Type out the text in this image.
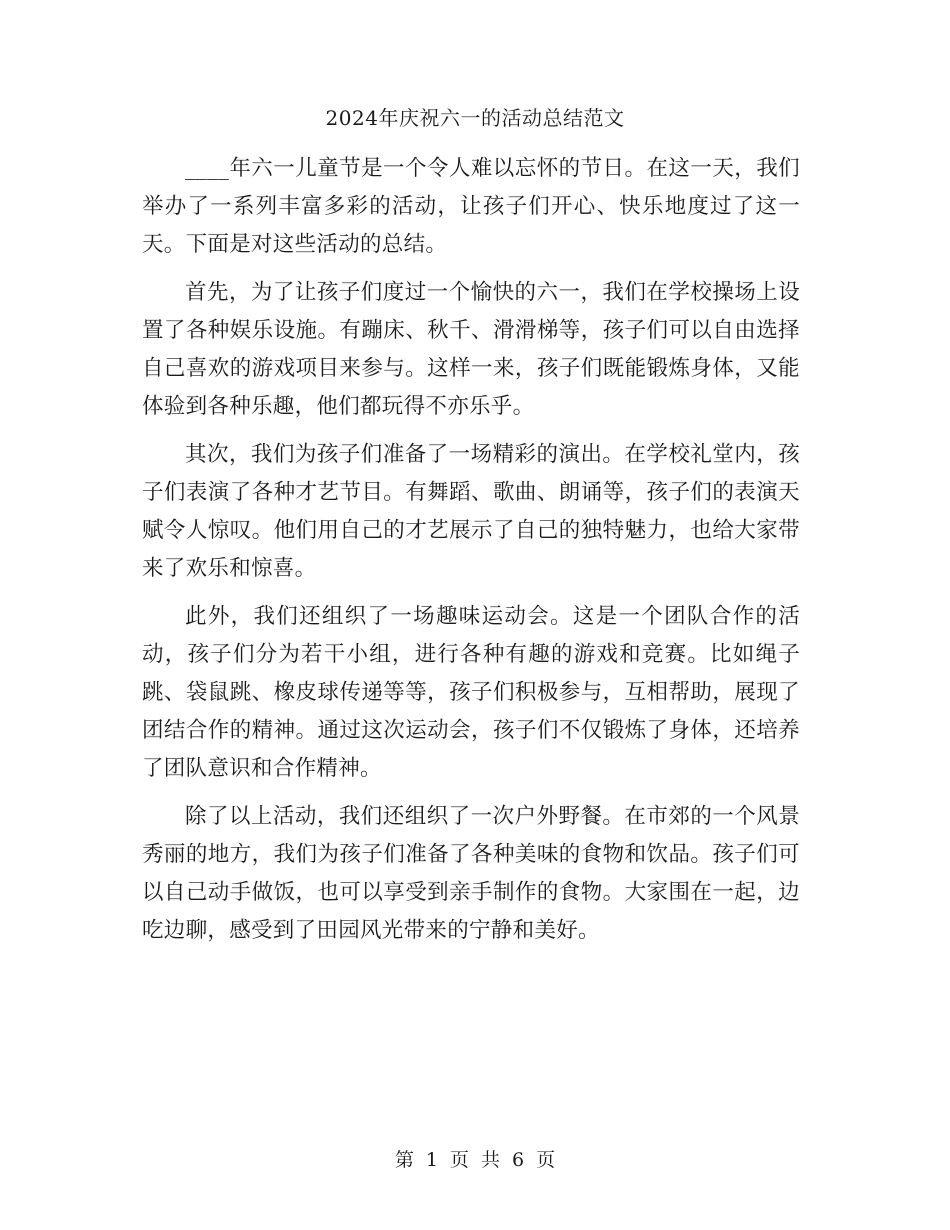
2024年庆祝六一的活动总结范文

____年六一儿童节是一个令人难以忘怀的节日。在这一天，我们举办了一系列丰富多彩的活动，让孩子们开心、快乐地度过了这一天。下面是对这些活动的总结。

首先，为了让孩子们度过一个愉快的六一，我们在学校操场上设置了各种娱乐设施。有蹦床、秋千、滑滑梯等，孩子们可以自由选择自己喜欢的游戏项目来参与。这样一来，孩子们既能锻炼身体，又能体验到各种乐趣，他们都玩得不亦乐乎。

其次，我们为孩子们准备了一场精彩的演出。在学校礼堂内，孩子们表演了各种才艺节目。有舞蹈、歌曲、朗诵等，孩子们的表演天赋令人惊叹。他们用自己的才艺展示了自己的独特魅力，也给大家带来了欢乐和惊喜。

此外，我们还组织了一场趣味运动会。这是一个团队合作的活动，孩子们分为若干小组，进行各种有趣的游戏和竞赛。比如绳子跳、袋鼠跳、橡皮球传递等等，孩子们积极参与，互相帮助，展现了团结合作的精神。通过这次运动会，孩子们不仅锻炼了身体，还培养了团队意识和合作精神。

除了以上活动，我们还组织了一次户外野餐。在市郊的一个风景秀丽的地方，我们为孩子们准备了各种美味的食物和饮品。孩子们可以自己动手做饭，也可以享受到亲手制作的食物。大家围在一起，边吃边聊，感受到了田园风光带来的宁静和美好。

第 1 页 共 6 页
